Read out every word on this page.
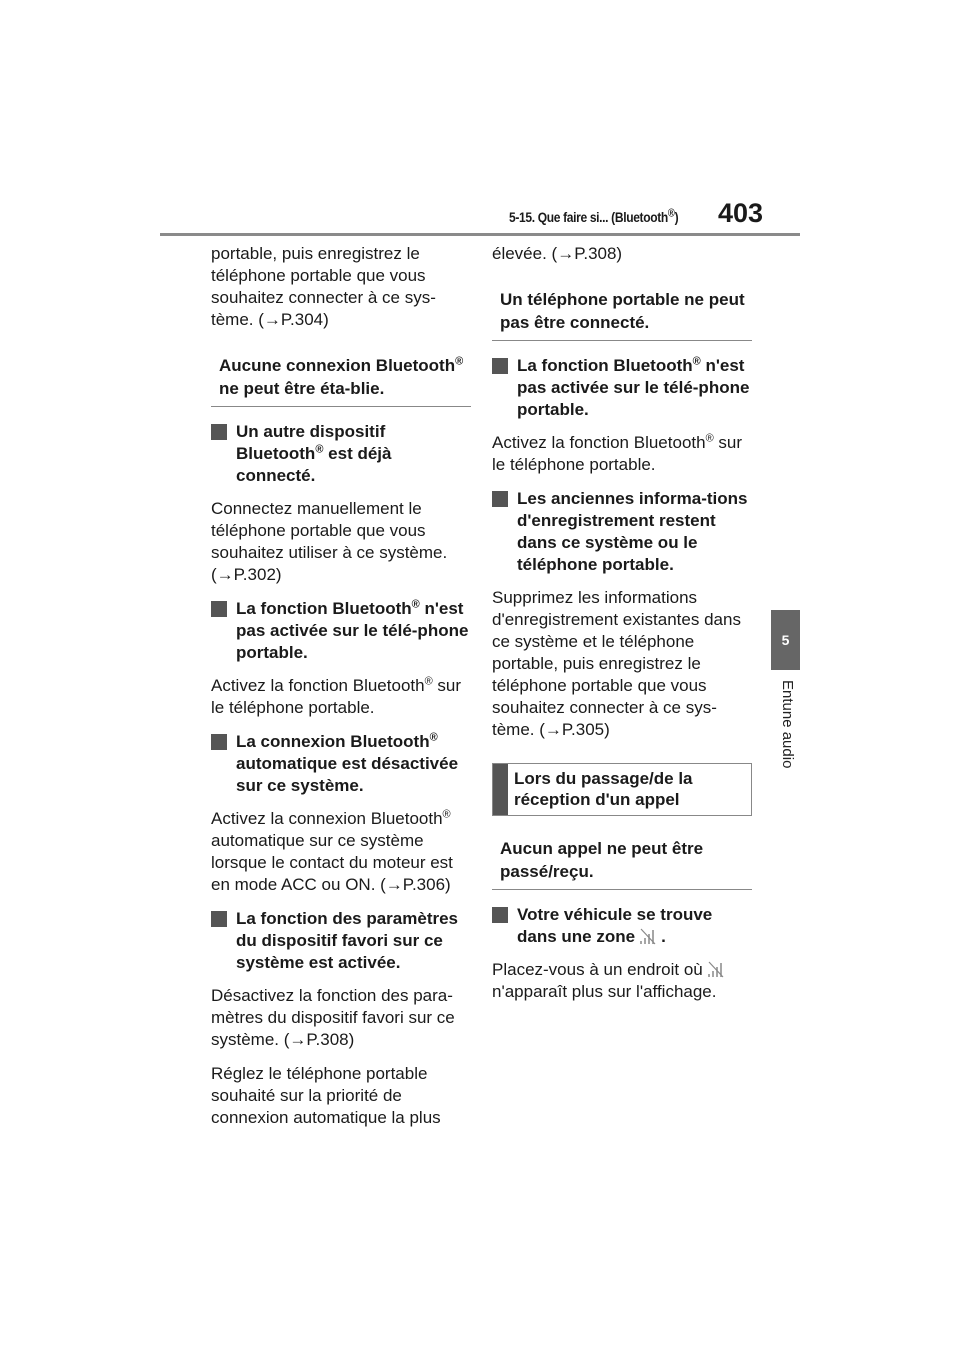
5-15. Que faire si... (Bluetooth®) 403
5
Entune audio

portable, puis enregistrez le téléphone portable que vous souhaitez connecter à ce sys-tème. (→P.304)

Aucune connexion Bluetooth® ne peut être éta-blie.
Un autre dispositif Bluetooth® est déjà connecté.

Connectez manuellement le téléphone portable que vous souhaitez utiliser à ce système. (→P.302)

La fonction Bluetooth® n'est pas activée sur le télé-phone portable.

Activez la fonction Bluetooth® sur le téléphone portable.

La connexion Bluetooth® automatique est désactivée sur ce système.

Activez la connexion Bluetooth® automatique sur ce système lorsque le contact du moteur est en mode ACC ou ON. (→P.306)

La fonction des paramètres du dispositif favori sur ce système est activée.

Désactivez la fonction des para-mètres du dispositif favori sur ce système. (→P.308)

Réglez le téléphone portable souhaité sur la priorité de connexion automatique la plus

élevée. (→P.308)

Un téléphone portable ne peut pas être connecté.
La fonction Bluetooth® n'est pas activée sur le télé-phone portable.

Activez la fonction Bluetooth® sur le téléphone portable.

Les anciennes informa-tions d'enregistrement restent dans ce système ou le téléphone portable.

Supprimez les informations d'enregistrement existantes dans ce système et le téléphone portable, puis enregistrez le téléphone portable que vous souhaitez connecter à ce sys-tème. (→P.305)

Lors du passage/de la réception d'un appel
Aucun appel ne peut être passé/reçu.
Votre véhicule se trouve dans une zone .

Placez-vous à un endroit où

n'apparaît plus sur l'affichage.
